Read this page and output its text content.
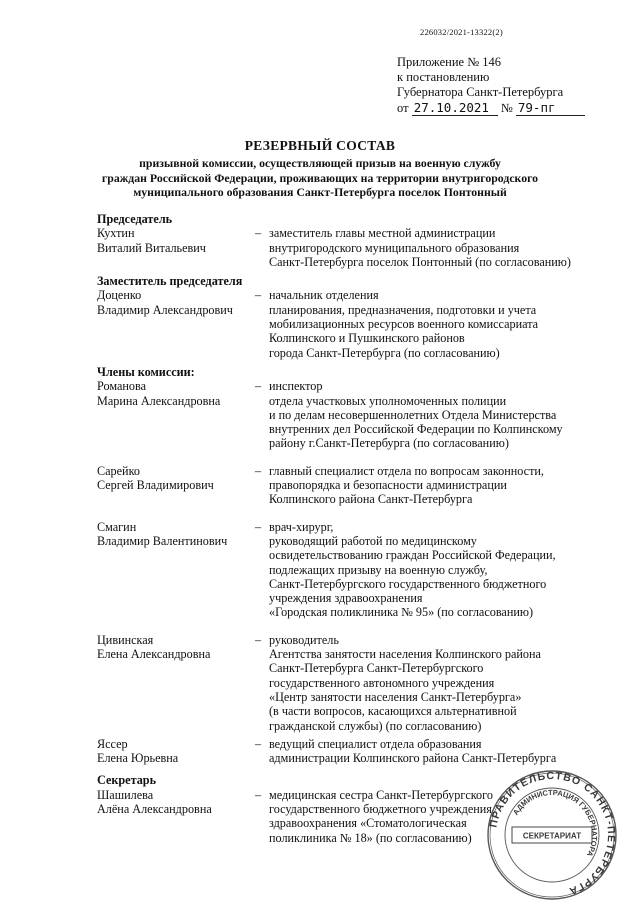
226032/2021-13322(2)
Приложение № 146
к постановлению
Губернатора Санкт-Петербурга
от 27.10.2021 № 79-пг
РЕЗЕРВНЫЙ СОСТАВ
призывной комиссии, осуществляющей призыв на военную службу
граждан Российской Федерации, проживающих на территории внутригородского
муниципального образования Санкт-Петербурга поселок Понтонный
Председатель
Кухтин
Виталий Витальевич
– заместитель главы местной администрации
внутригородского муниципального образования
Санкт-Петербурга поселок Понтонный (по согласованию)
Заместитель председателя
Доценко
Владимир Александрович
– начальник отделения
планирования, предназначения, подготовки и учета
мобилизационных ресурсов военного комиссариата
Колпинского и Пушкинского районов
города Санкт-Петербурга (по согласованию)
Члены комиссии:
Романова
Марина Александровна
– инспектор
отдела участковых уполномоченных полиции
и по делам несовершеннолетних Отдела Министерства
внутренних дел Российской Федерации по Колпинскому
району г.Санкт-Петербурга (по согласованию)
Сарейко
Сергей Владимирович
– главный специалист отдела по вопросам законности,
правопорядка и безопасности администрации
Колпинского района Санкт-Петербурга
Смагин
Владимир Валентинович
– врач-хирург,
руководящий работой по медицинскому
освидетельствованию граждан Российской Федерации,
подлежащих призыву на военную службу,
Санкт-Петербургского государственного бюджетного
учреждения здравоохранения
«Городская поликлиника № 95» (по согласованию)
Цивинская
Елена Александровна
– руководитель
Агентства занятости населения Колпинского района
Санкт-Петербурга Санкт-Петербургского
государственного автономного учреждения
«Центр занятости населения Санкт-Петербурга»
(в части вопросов, касающихся альтернативной
гражданской службы) (по согласованию)
Яссер
Елена Юрьевна
– ведущий специалист отдела образования
администрации Колпинского района Санкт-Петербурга
Секретарь
Шашилева
Алёна Александровна
– медицинская сестра Санкт-Петербургского
государственного бюджетного учреждения
здравоохранения «Стоматологическая
поликлиника № 18» (по согласованию)
ПРАВИТЕЛЬСТВО САНКТ-ПЕТЕРБУРГА
АДМИНИСТРАЦИЯ ГУБЕРНАТОРА
СЕКРЕТАРИАТ
